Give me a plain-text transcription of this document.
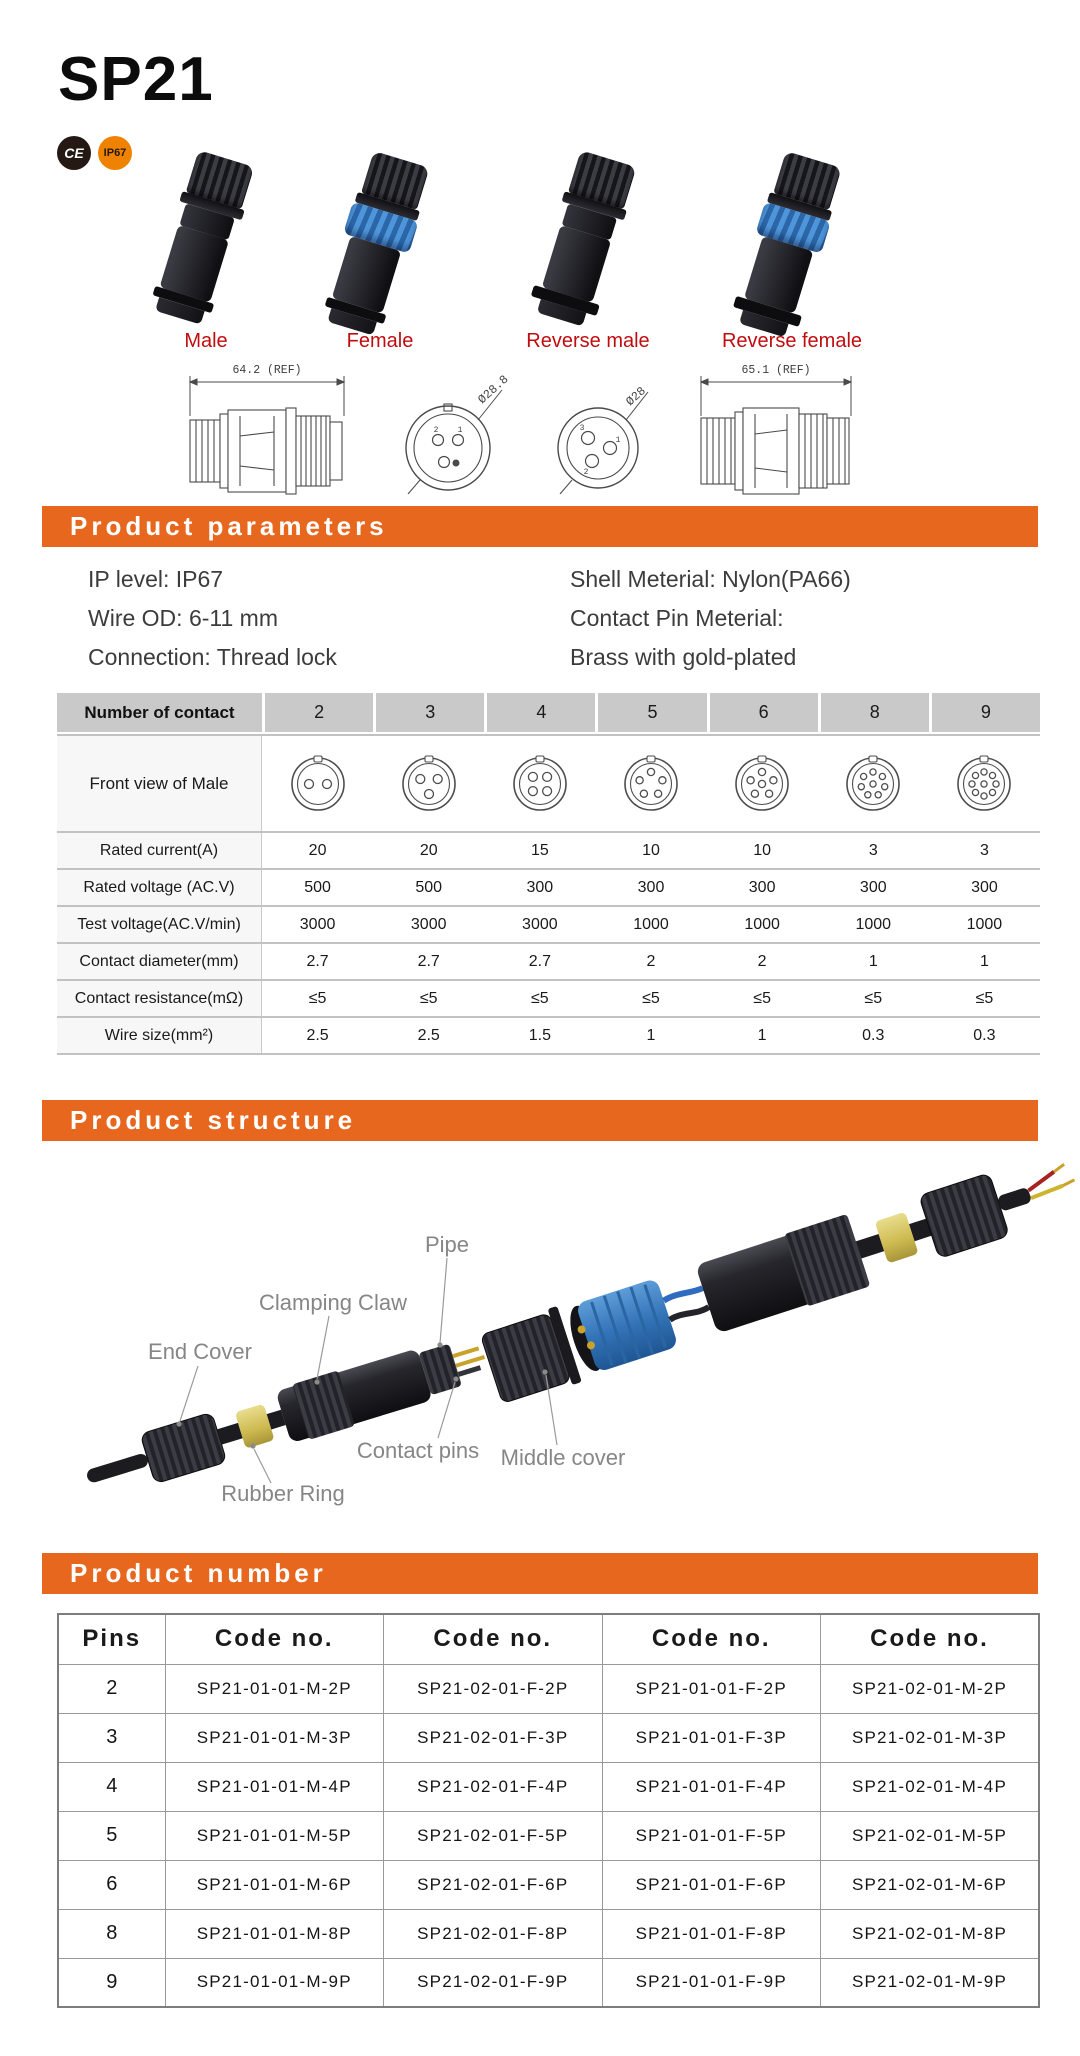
SP21
CE	IP67
Male	Female	Reverse male	Reverse female
64.2 (REF)
2 1
Ø28.8
3
1
2
Ø28
65.1 (REF)
Product parameters

IP level: IP67

Wire OD: 6-11 mm

Connection: Thread lock

Shell Meterial: Nylon(PA66)

Contact Pin Meterial:

Brass with gold-plated

Number of contact	2	3	4	5	6	8	9
Front view of Male
Rated current(A)	20	20	15	10	10	3	3
Rated voltage (AC.V)	500	500	300	300	300	300	300
Test voltage(AC.V/min)	3000	3000	3000	1000	1000	1000	1000
Contact diameter(mm)	2.7	2.7	2.7	2	2	1	1
Contact resistance(mΩ)	≤5	≤5	≤5	≤5	≤5	≤5	≤5
Wire size(mm²)	2.5	2.5	1.5	1	1	0.3	0.3
Product structure
Pipe
Clamping Claw
End Cover
Contact pins Middle cover
Rubber Ring
Product number
Pins	Code no.	Code no.	Code no.	Code no.
2	SP21-01-01-M-2P	SP21-02-01-F-2P	SP21-01-01-F-2P	SP21-02-01-M-2P
3	SP21-01-01-M-3P	SP21-02-01-F-3P	SP21-01-01-F-3P	SP21-02-01-M-3P
4	SP21-01-01-M-4P	SP21-02-01-F-4P	SP21-01-01-F-4P	SP21-02-01-M-4P
5	SP21-01-01-M-5P	SP21-02-01-F-5P	SP21-01-01-F-5P	SP21-02-01-M-5P
6	SP21-01-01-M-6P	SP21-02-01-F-6P	SP21-01-01-F-6P	SP21-02-01-M-6P
8	SP21-01-01-M-8P	SP21-02-01-F-8P	SP21-01-01-F-8P	SP21-02-01-M-8P
9	SP21-01-01-M-9P	SP21-02-01-F-9P	SP21-01-01-F-9P	SP21-02-01-M-9P
